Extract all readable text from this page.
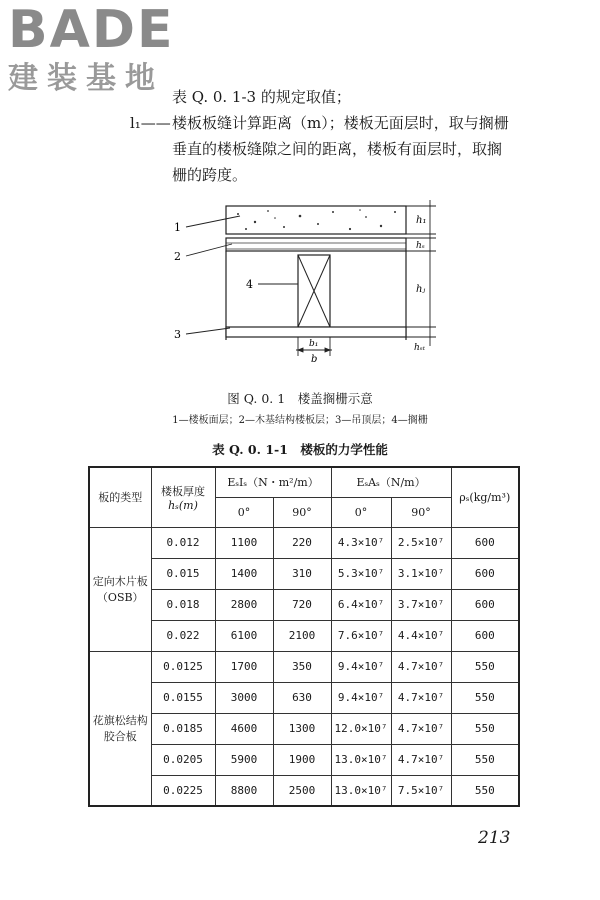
BADE
建装基地
表 Q. 0. 1-3 的规定取值；
l₁—— 楼板板缝计算距离（m）；楼板无面层时，取与搁栅
垂直的楼板缝隙之间的距离，楼板有面层时，取搁
栅的跨度。
h₁
hₛ
hⱼ
hₛₜ
b₁
b
1
2
3
4
图 Q. 0. 1　楼盖搁栅示意
1—楼板面层；2—木基结构楼板层；3—吊顶层；4—搁栅
表 Q. 0. 1-1　楼板的力学性能
板的类型	楼板厚度
hₛ(m)	EₛIₛ（N・m²/m）		EₛAₛ（N/m）		ρₛ(kg/m³)
		0°	90°	0°	90°	

定向木片板
（OSB）	0.012	1100	220	4.3×10⁷	2.5×10⁷	600
	0.015	1400	310	5.3×10⁷	3.1×10⁷	600
	0.018	2800	720	6.4×10⁷	3.7×10⁷	600
	0.022	6100	2100	7.6×10⁷	4.4×10⁷	600

花旗松结构
胶合板	0.0125	1700	350	9.4×10⁷	4.7×10⁷	550
	0.0155	3000	630	9.4×10⁷	4.7×10⁷	550
	0.0185	4600	1300	12.0×10⁷	4.7×10⁷	550
	0.0205	5900	1900	13.0×10⁷	4.7×10⁷	550
	0.0225	8800	2500	13.0×10⁷	7.5×10⁷	550
213
